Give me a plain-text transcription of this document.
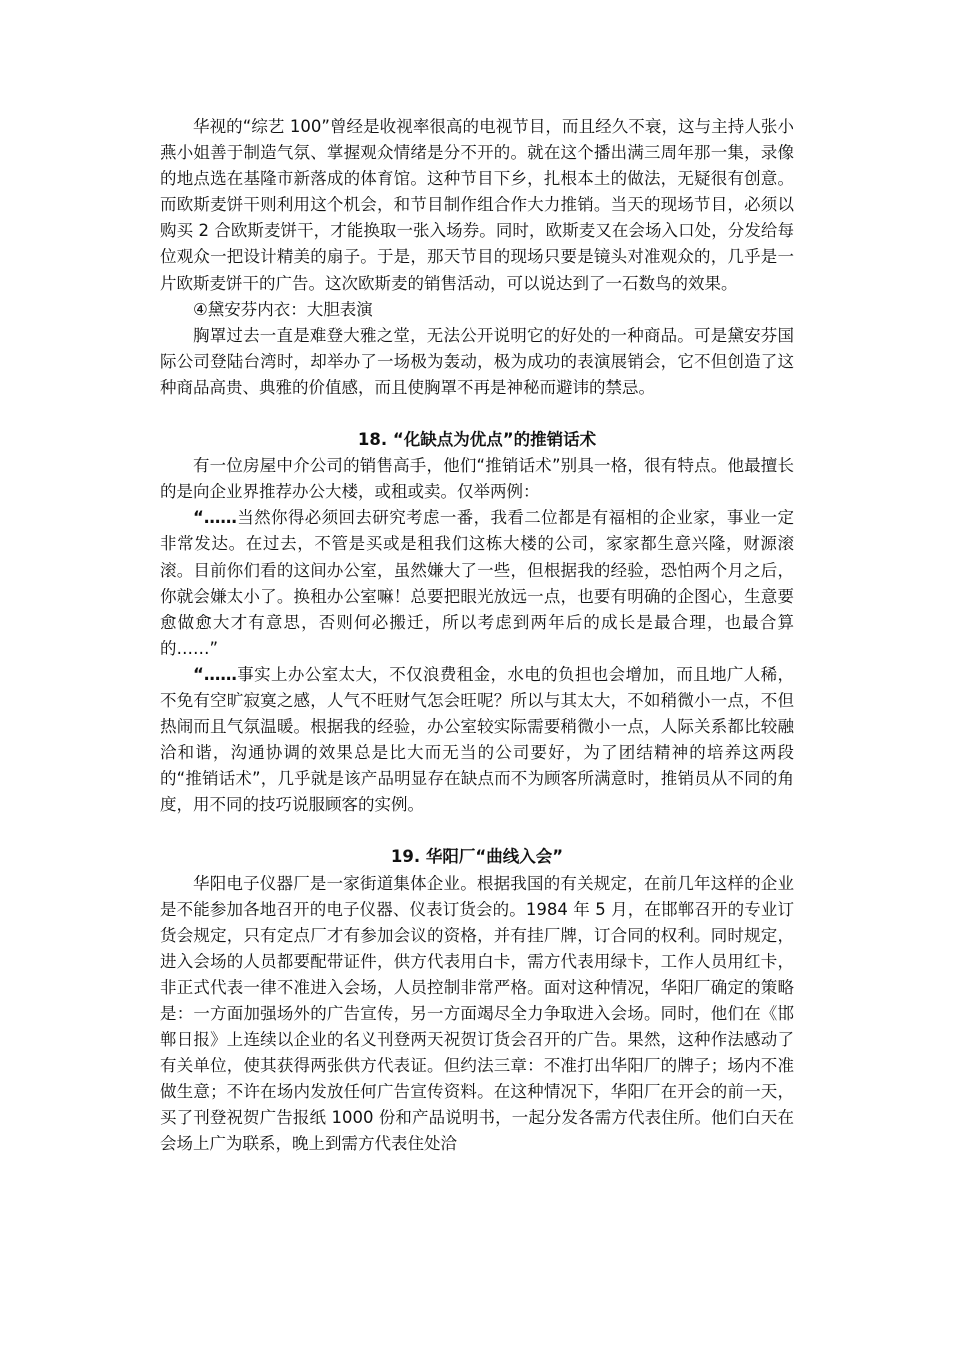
华视的“综艺 100”曾经是收视率很高的电视节目，而且经久不衰，这与主持人张小燕小姐善于制造气氛、掌握观众情绪是分不开的。就在这个播出满三周年那一集，录像的地点选在基隆市新落成的体育馆。这种节目下乡，扎根本土的做法，无疑很有创意。而欧斯麦饼干则利用这个机会，和节目制作组合作大力推销。当天的现场节目，必须以购买 2 合欧斯麦饼干，才能换取一张入场券。同时，欧斯麦又在会场入口处，分发给每位观众一把设计精美的扇子。于是，那天节目的现场只要是镜头对准观众的，几乎是一片欧斯麦饼干的广告。这次欧斯麦的销售活动，可以说达到了一石数鸟的效果。

④黛安芬内衣：大胆表演

胸罩过去一直是难登大雅之堂，无法公开说明它的好处的一种商品。可是黛安芬国际公司登陆台湾时，却举办了一场极为轰动，极为成功的表演展销会，它不但创造了这种商品高贵、典雅的价值感，而且使胸罩不再是神秘而避讳的禁忌。

18. “化缺点为优点”的推销话术

有一位房屋中介公司的销售高手，他们“推销话术”别具一格，很有特点。他最擅长的是向企业界推荐办公大楼，或租或卖。仅举两例：

“……当然你得必须回去研究考虑一番，我看二位都是有福相的企业家，事业一定非常发达。在过去，不管是买或是租我们这栋大楼的公司，家家都生意兴隆，财源滚滚。目前你们看的这间办公室，虽然嫌大了一些，但根据我的经验，恐怕两个月之后，你就会嫌太小了。换租办公室嘛！总要把眼光放远一点，也要有明确的企图心，生意要愈做愈大才有意思，否则何必搬迁，所以考虑到两年后的成长是最合理，也最合算的……”

“……事实上办公室太大，不仅浪费租金，水电的负担也会增加，而且地广人稀，不免有空旷寂寞之感，人气不旺财气怎会旺呢？所以与其太大，不如稍微小一点，不但热闹而且气氛温暖。根据我的经验，办公室较实际需要稍微小一点，人际关系都比较融洽和谐，沟通协调的效果总是比大而无当的公司要好，为了团结精神的培养这两段的“推销话术”，几乎就是该产品明显存在缺点而不为顾客所满意时，推销员从不同的角度，用不同的技巧说服顾客的实例。

19. 华阳厂“曲线入会”

华阳电子仪器厂是一家街道集体企业。根据我国的有关规定，在前几年这样的企业是不能参加各地召开的电子仪器、仪表订货会的。1984 年 5 月，在邯郸召开的专业订货会规定，只有定点厂才有参加会议的资格，并有挂厂牌，订合同的权利。同时规定，进入会场的人员都要配带证件，供方代表用白卡，需方代表用绿卡，工作人员用红卡，非正式代表一律不准进入会场，人员控制非常严格。面对这种情况，华阳厂确定的策略是：一方面加强场外的广告宣传，另一方面竭尽全力争取进入会场。同时，他们在《邯郸日报》上连续以企业的名义刊登两天祝贺订货会召开的广告。果然，这种作法感动了有关单位，使其获得两张供方代表证。但约法三章：不准打出华阳厂的牌子；场内不准做生意；不许在场内发放任何广告宣传资料。在这种情况下，华阳厂在开会的前一天，买了刊登祝贺广告报纸 1000 份和产品说明书，一起分发各需方代表住所。他们白天在会场上广为联系，晚上到需方代表住处洽
